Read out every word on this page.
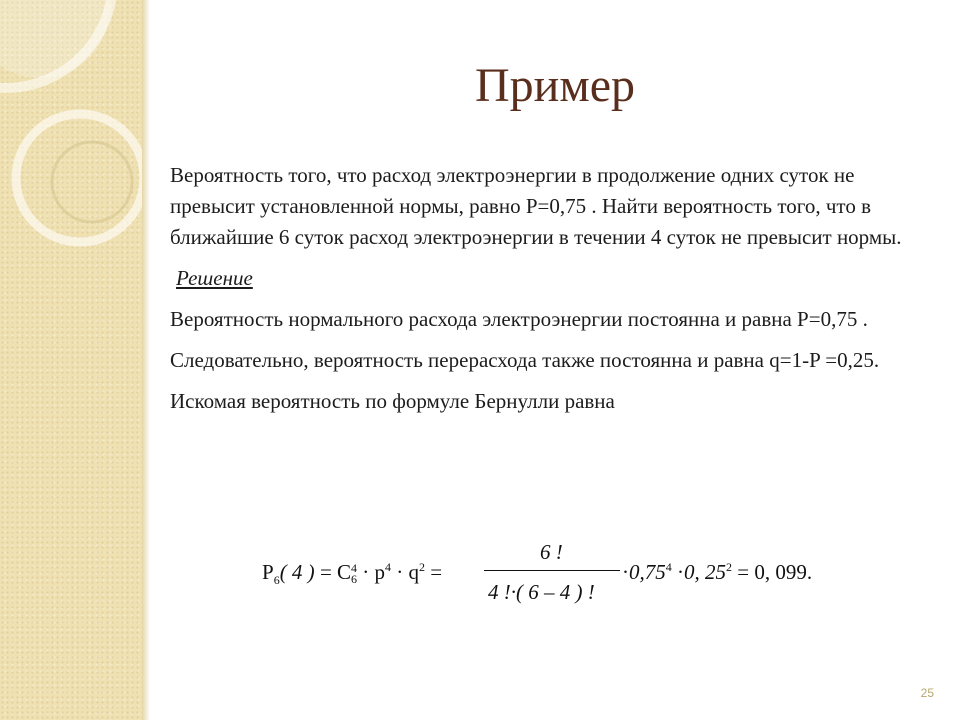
Пример

Вероятность того, что расход электроэнергии в продолжение одних суток не превысит установленной нормы, равно Р=0,75 . Найти вероятность того, что в ближайшие 6 суток расход электроэнергии в течении 4 суток не превысит нормы.

Решение

Вероятность нормального расхода электроэнергии постоянна и равна Р=0,75 .

Следовательно, вероятность перерасхода также постоянна и равна q=1-P =0,25.

Искомая вероятность по формуле Бернулли равна

$P_6$( 4 ) = C4
$6 \cdot p^4 \cdot q^2$ =
6 !
4 !·( 6 – 4 ) !
$\cdot 0,75^4 \cdot 0$, $25^2 = 0$, 099.
25
